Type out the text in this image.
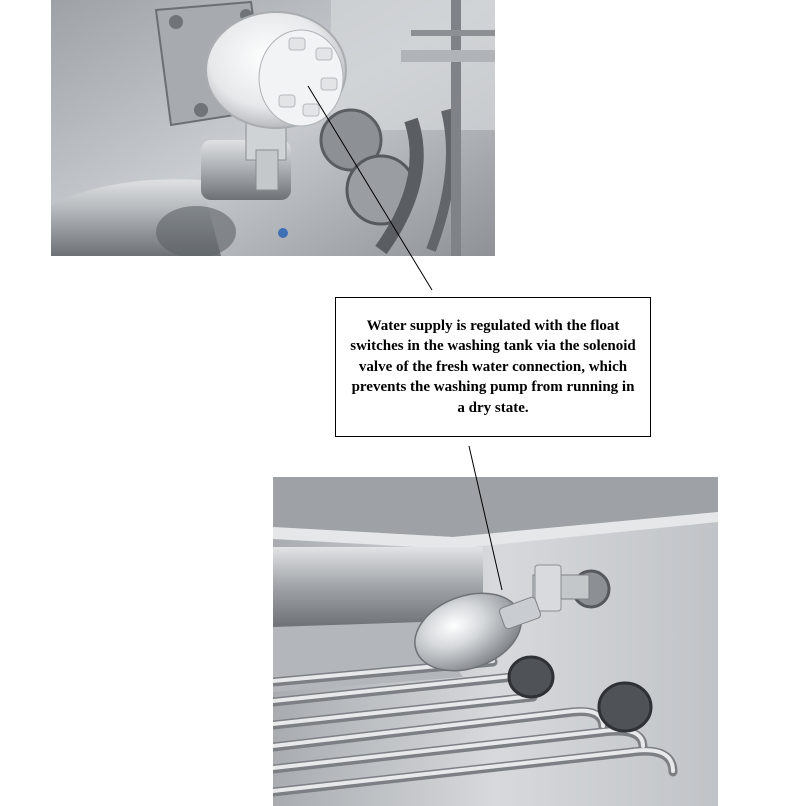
Water supply is regulated with the float switches in the washing tank via the solenoid valve of the fresh water connection, which prevents the washing pump from running in a dry state.
